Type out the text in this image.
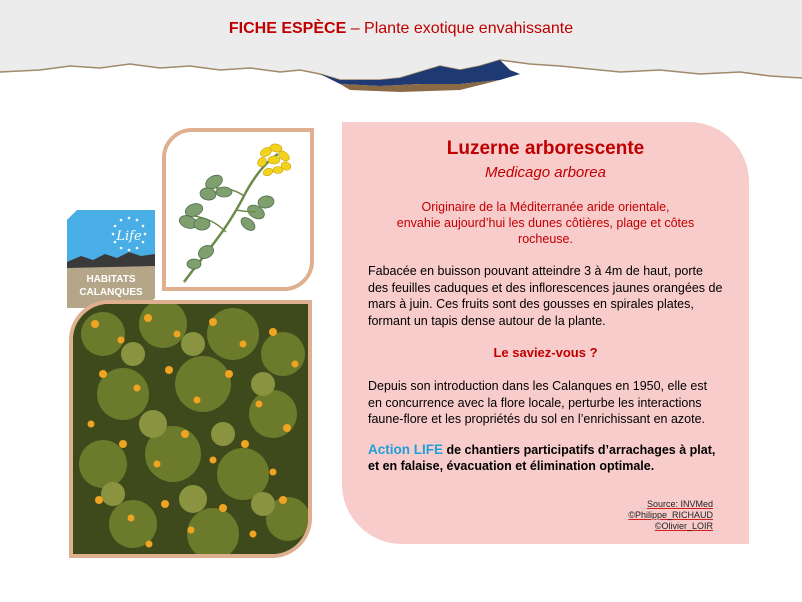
FICHE ESPÈCE – Plante exotique envahissante
Life
HABITATS
CALANQUES

Luzerne arborescente

Medicago arborea

Originaire de la Méditerranée aride orientale,
envahie aujourd’hui les dunes côtières, plage et côtes
rocheuse.

Fabacée en buisson pouvant atteindre 3 à 4m de haut, porte des feuilles caduques et des inflorescences jaunes orangées de mars à juin. Ces fruits sont des gousses en spirales plates, formant un tapis dense autour de la plante.

Le saviez-vous ?

Depuis son introduction dans les Calanques en 1950, elle est en concurrence avec la flore locale, perturbe les interactions faune-flore et les propriétés du sol en l’enrichissant en azote.

Action LIFE de chantiers participatifs d’arrachages à plat, et en falaise, évacuation et élimination optimale.

Source: INVMed
©Philippe_RICHAUD
©Olivier_LOIR
